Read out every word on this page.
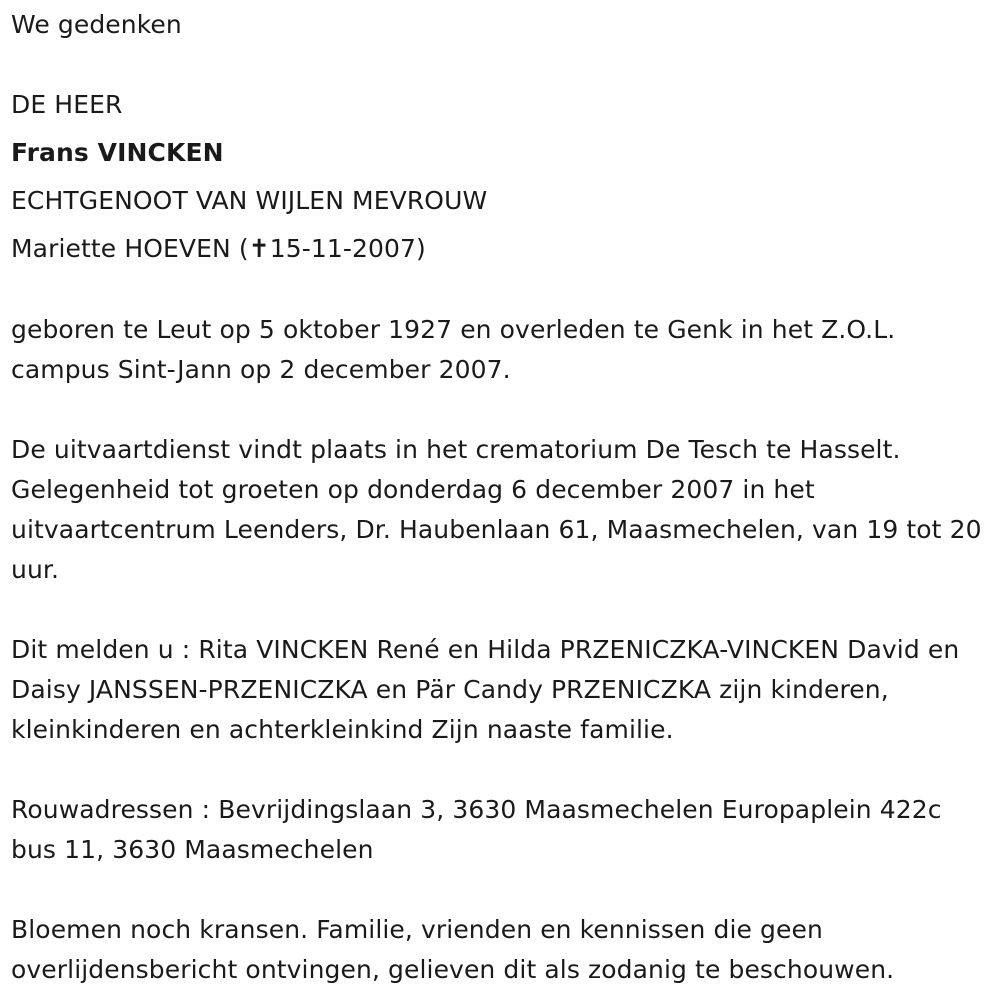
We gedenken
DE HEER
Frans VINCKEN
ECHTGENOOT VAN WIJLEN MEVROUW
Mariette HOEVEN (✝15-11-2007)
geboren te Leut op 5 oktober 1927 en overleden te Genk in het Z.O.L. campus Sint-Jann op 2 december 2007.
De uitvaartdienst vindt plaats in het crematorium De Tesch te Hasselt. Gelegenheid tot groeten op donderdag 6 december 2007 in het uitvaartcentrum Leenders, Dr. Haubenlaan 61, Maasmechelen, van 19 tot 20 uur.
Dit melden u : Rita VINCKEN René en Hilda PRZENICZKA-VINCKEN David en Daisy JANSSEN-PRZENICZKA en Pär Candy PRZENICZKA zijn kinderen, kleinkinderen en achterkleinkind Zijn naaste familie.
Rouwadressen : Bevrijdingslaan 3, 3630 Maasmechelen Europaplein 422c bus 11, 3630 Maasmechelen
Bloemen noch kransen. Familie, vrienden en kennissen die geen overlijdensbericht ontvingen, gelieven dit als zodanig te beschouwen.
